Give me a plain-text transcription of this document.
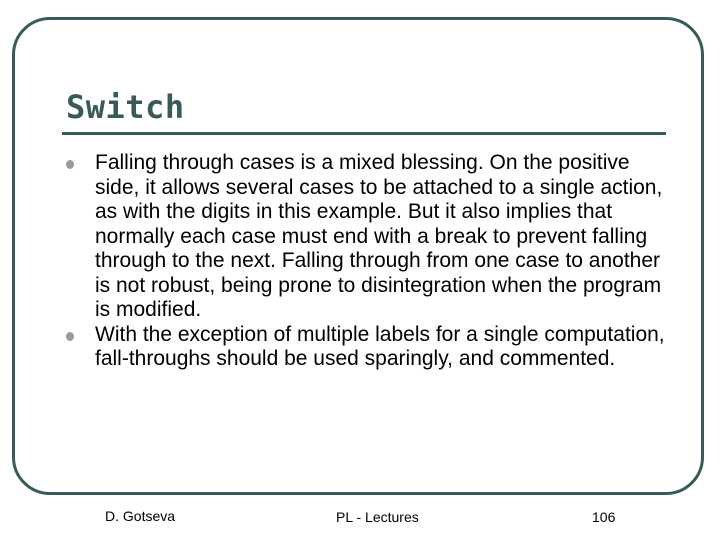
Switch
Falling through cases is a mixed blessing. On the positive side, it allows several cases to be attached to a single action, as with the digits in this example. But it also implies that normally each case must end with a break to prevent falling through to the next. Falling through from one case to another is not robust, being prone to disintegration when the program is modified.
With the exception of multiple labels for a single computation, fall-throughs should be used sparingly, and commented.
D. Gotseva	PL - Lectures	106
